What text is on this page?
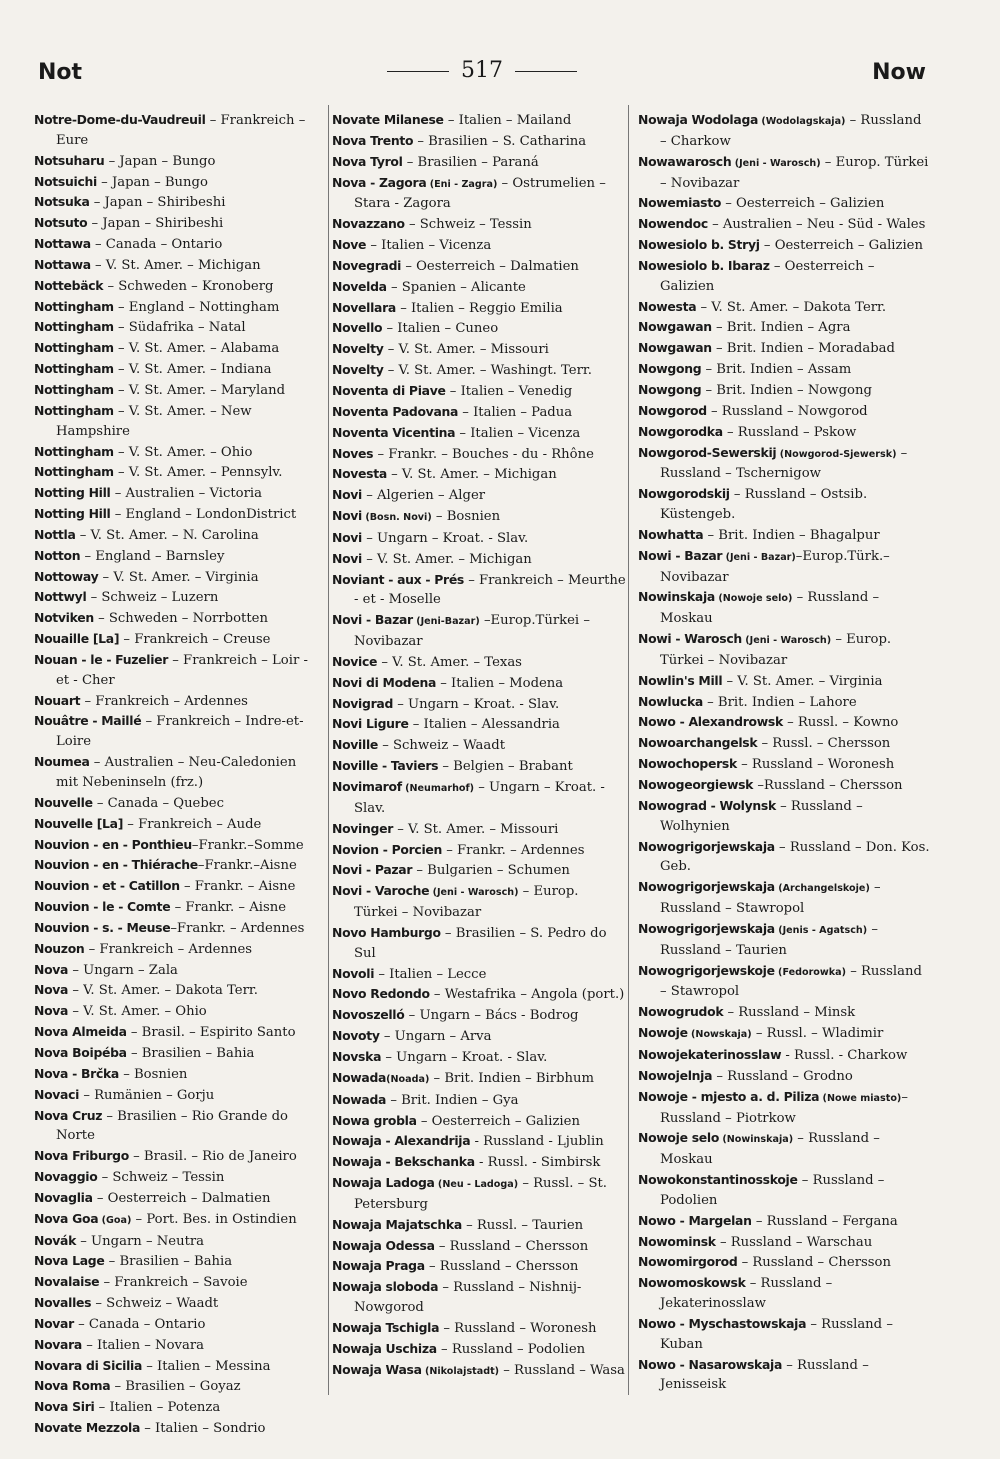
Not	517	Now
Notre-Dome-du-Vaudreuil – Frankreich – Eure
Notsuharu – Japan – Bungo
Notsuichi – Japan – Bungo
Notsuka – Japan – Shiribeshi
Notsuto – Japan – Shiribeshi
Nottawa – Canada – Ontario
Nottawa – V. St. Amer. – Michigan
Nottebäck – Schweden – Kronoberg
Nottingham – England – Nottingham
Nottingham – Südafrika – Natal
Nottingham – V. St. Amer. – Alabama
Nottingham – V. St. Amer. – Indiana
Nottingham – V. St. Amer. – Maryland
Nottingham – V. St. Amer. – New Hampshire
Nottingham – V. St. Amer. – Ohio
Nottingham – V. St. Amer. – Pennsylv.
Notting Hill – Australien – Victoria
Notting Hill – England – LondonDistrict
Nottla – V. St. Amer. – N. Carolina
Notton – England – Barnsley
Nottoway – V. St. Amer. – Virginia
Nottwyl – Schweiz – Luzern
Notviken – Schweden – Norrbotten
Nouaille [La] – Frankreich – Creuse
Nouan - le - Fuzelier – Frankreich – Loir - et - Cher
Nouart – Frankreich – Ardennes
Nouâtre - Maillé – Frankreich – Indre-et-Loire
Noumea – Australien – Neu-Caledonien mit Nebeninseln (frz.)
Nouvelle – Canada – Quebec
Nouvelle [La] – Frankreich – Aude
Nouvion - en - Ponthieu–Frankr.–Somme
Nouvion - en - Thiérache–Frankr.–Aisne
Nouvion - et - Catillon – Frankr. – Aisne
Nouvion - le - Comte – Frankr. – Aisne
Nouvion - s. - Meuse–Frankr. – Ardennes
Nouzon – Frankreich – Ardennes
Nova – Ungarn – Zala
Nova – V. St. Amer. – Dakota Terr.
Nova – V. St. Amer. – Ohio
Nova Almeida – Brasil. – Espirito Santo
Nova Boipéba – Brasilien – Bahia
Nova - Brčka – Bosnien
Novaci – Rumänien – Gorju
Nova Cruz – Brasilien – Rio Grande do Norte
Nova Friburgo – Brasil. – Rio de Janeiro
Novaggio – Schweiz – Tessin
Novaglia – Oesterreich – Dalmatien
Nova Goa (Goa) – Port. Bes. in Ostindien
Novák – Ungarn – Neutra
Nova Lage – Brasilien – Bahia
Novalaise – Frankreich – Savoie
Novalles – Schweiz – Waadt
Novar – Canada – Ontario
Novara – Italien – Novara
Novara di Sicilia – Italien – Messina
Nova Roma – Brasilien – Goyaz
Nova Siri – Italien – Potenza
Novate Mezzola – Italien – Sondrio
Novate Milanese – Italien – Mailand
Nova Trento – Brasilien – S. Catharina
Nova Tyrol – Brasilien – Paraná
Nova - Zagora (Eni - Zagra) – Ostrumelien – Stara - Zagora
Novazzano – Schweiz – Tessin
Nove – Italien – Vicenza
Novegradi – Oesterreich – Dalmatien
Novelda – Spanien – Alicante
Novellara – Italien – Reggio Emilia
Novello – Italien – Cuneo
Novelty – V. St. Amer. – Missouri
Novelty – V. St. Amer. – Washingt. Terr.
Noventa di Piave – Italien – Venedig
Noventa Padovana – Italien – Padua
Noventa Vicentina – Italien – Vicenza
Noves – Frankr. – Bouches - du - Rhône
Novesta – V. St. Amer. – Michigan
Novi – Algerien – Alger
Novi (Bosn. Novi) – Bosnien
Novi – Ungarn – Kroat. - Slav.
Novi – V. St. Amer. – Michigan
Noviant - aux - Prés – Frankreich – Meurthe - et - Moselle
Novi - Bazar (Jeni-Bazar) –Europ.Türkei – Novibazar
Novice – V. St. Amer. – Texas
Novi di Modena – Italien – Modena
Novigrad – Ungarn – Kroat. - Slav.
Novi Ligure – Italien – Alessandria
Noville – Schweiz – Waadt
Noville - Taviers – Belgien – Brabant
Novimarof (Neumarhof) – Ungarn – Kroat. - Slav.
Novinger – V. St. Amer. – Missouri
Novion - Porcien – Frankr. – Ardennes
Novi - Pazar – Bulgarien – Schumen
Novi - Varoche (Jeni - Warosch) – Europ. Türkei – Novibazar
Novo Hamburgo – Brasilien – S. Pedro do Sul
Novoli – Italien – Lecce
Novo Redondo – Westafrika – Angola (port.)
Novoszelló – Ungarn – Bács - Bodrog
Novoty – Ungarn – Arva
Novska – Ungarn – Kroat. - Slav.
Nowada(Noada) – Brit. Indien – Birbhum
Nowada – Brit. Indien – Gya
Nowa grobla – Oesterreich – Galizien
Nowaja - Alexandrija - Russland - Ljublin
Nowaja - Bekschanka - Russl. - Simbirsk
Nowaja Ladoga (Neu - Ladoga) – Russl. – St. Petersburg
Nowaja Majatschka – Russl. – Taurien
Nowaja Odessa – Russland – Chersson
Nowaja Praga – Russland – Chersson
Nowaja sloboda – Russland – Nishnij-Nowgorod
Nowaja Tschigla – Russland – Woronesh
Nowaja Uschiza – Russland – Podolien
Nowaja Wasa (Nikolajstadt) – Russland – Wasa
Nowaja Wodolaga (Wodolagskaja) – Russland – Charkow
Nowawarosch (Jeni - Warosch) – Europ. Türkei – Novibazar
Nowemiasto – Oesterreich – Galizien
Nowendoc – Australien – Neu - Süd - Wales
Nowesiolo b. Stryj – Oesterreich – Galizien
Nowesiolo b. Ibaraz – Oesterreich – Galizien
Nowesta – V. St. Amer. – Dakota Terr.
Nowgawan – Brit. Indien – Agra
Nowgawan – Brit. Indien – Moradabad
Nowgong – Brit. Indien – Assam
Nowgong – Brit. Indien – Nowgong
Nowgorod – Russland – Nowgorod
Nowgorodka – Russland – Pskow
Nowgorod-Sewerskij (Nowgorod-Sjewersk) – Russland – Tschernigow
Nowgorodskij – Russland – Ostsib. Küstengeb.
Nowhatta – Brit. Indien – Bhagalpur
Nowi - Bazar (Jeni - Bazar)–Europ.Türk.– Novibazar
Nowinskaja (Nowoje selo) – Russland – Moskau
Nowi - Warosch (Jeni - Warosch) – Europ. Türkei – Novibazar
Nowlin's Mill – V. St. Amer. – Virginia
Nowlucka – Brit. Indien – Lahore
Nowo - Alexandrowsk – Russl. – Kowno
Nowoarchangelsk – Russl. – Chersson
Nowochopersk – Russland – Woronesh
Nowogeorgiewsk –Russland – Chersson
Nowograd - Wolynsk – Russland – Wolhynien
Nowogrigorjewskaja – Russland – Don. Kos. Geb.
Nowogrigorjewskaja (Archangelskoje) – Russland – Stawropol
Nowogrigorjewskaja (Jenis - Agatsch) – Russland – Taurien
Nowogrigorjewskoje (Fedorowka) – Russland – Stawropol
Nowogrudok – Russland – Minsk
Nowoje (Nowskaja) – Russl. – Wladimir
Nowojekaterinosslaw - Russl. - Charkow
Nowojelnja – Russland – Grodno
Nowoje - mjesto a. d. Piliza (Nowe miasto)– Russland – Piotrkow
Nowoje selo (Nowinskaja) – Russland – Moskau
Nowokonstantinosskoje – Russland – Podolien
Nowo - Margelan – Russland – Fergana
Nowominsk – Russland – Warschau
Nowomirgorod – Russland – Chersson
Nowomoskowsk – Russland – Jekaterinosslaw
Nowo - Myschastowskaja – Russland – Kuban
Nowo - Nasarowskaja – Russland – Jenisseisk
